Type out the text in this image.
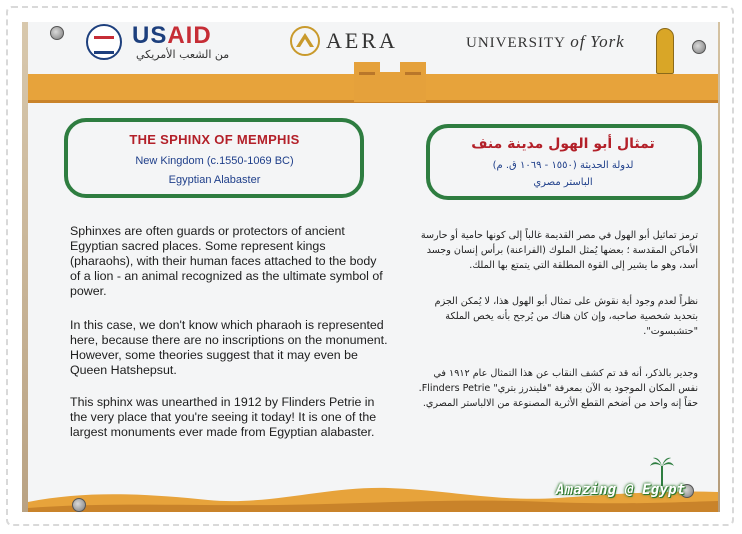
USAID
من الشعب الأمريكي
AERA	UNIVERSITY of York
THE SPHINX OF MEMPHIS
New Kingdom (c.1550-1069 BC)
Egyptian Alabaster
تمثال أبو الهول مدينة منف
لدولة الحديثة (١٥٥٠ - ١٠٦٩ ق. م)
الباستر مصري

Sphinxes are often guards or protectors of ancient Egyptian sacred places. Some represent kings (pharaohs), with their human faces attached to the body of a lion - an animal recognized as the ultimate symbol of power.

In this case, we don't know which pharaoh is represented here, because there are no inscriptions on the monument. However, some theories suggest that it may even be Queen Hatshepsut.

This sphinx was unearthed in 1912 by Flinders Petrie in the very place that you're seeing it today! It is one of the largest monuments ever made from Egyptian alabaster.

ترمز تماثيل أبو الهول في مصر القديمة غالباً إلى كونها حامية أو حارسة الأماكن المقدسة ؛ بعضها يُمثل الملوك (الفراعنة) برأس إنسان وجسد أسد، وهو ما يشير إلى القوة المطلقة التي يتمتع بها الملك.

نظراً لعدم وجود أية نقوش على تمثال أبو الهول هذا، لا يُمكن الجزم بتحديد شخصية صاحبه، وإن كان هناك من يُرجح بأنه يخص الملكة "حتشبسوت".

وجدير بالذكر، أنه قد تم كشف النقاب عن هذا التمثال عام ١٩١٢ في نفس المكان الموجود به الآن بمعرفة "فليندرز بتري" Flinders Petrie. حقاً إنه واحد من أضخم القطع الأثرية المصنوعة من الالباستر المصري.

Amazing @ Egypt
